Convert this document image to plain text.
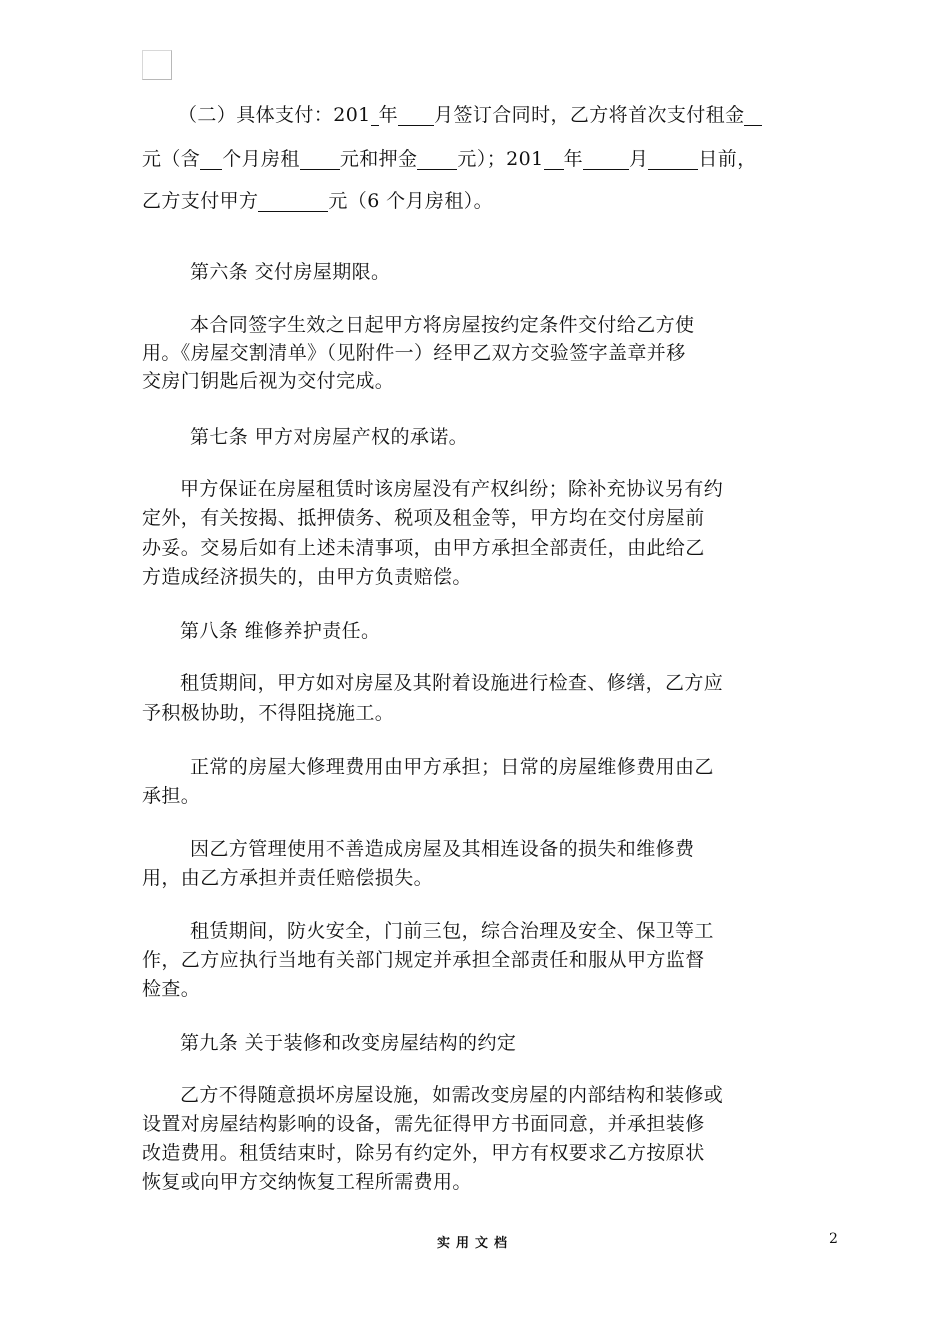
（二）具体支付：201 年 月签订合同时，乙方将首次支付租金
元（含 个月房租 元和押金 元）；201 年 月	日前，
乙方支付甲方	元（6 个月房租）。
第六条 交付房屋期限。
本合同签字生效之日起甲方将房屋按约定条件交付给乙方使
用。《房屋交割清单》（见附件一）经甲乙双方交验签字盖章并移
交房门钥匙后视为交付完成。
第七条 甲方对房屋产权的承诺。
甲方保证在房屋租赁时该房屋没有产权纠纷；除补充协议另有约
定外，有关按揭、抵押债务、税项及租金等，甲方均在交付房屋前
办妥。交易后如有上述未清事项，由甲方承担全部责任，由此给乙
方造成经济损失的，由甲方负责赔偿。
第八条 维修养护责任。
租赁期间，甲方如对房屋及其附着设施进行检查、修缮，乙方应
予积极协助，不得阻挠施工。
正常的房屋大修理费用由甲方承担；日常的房屋维修费用由乙
承担。
因乙方管理使用不善造成房屋及其相连设备的损失和维修费
用，由乙方承担并责任赔偿损失。
租赁期间，防火安全，门前三包，综合治理及安全、保卫等工
作，乙方应执行当地有关部门规定并承担全部责任和服从甲方监督
检查。
第九条 关于装修和改变房屋结构的约定
乙方不得随意损坏房屋设施，如需改变房屋的内部结构和装修或
设置对房屋结构影响的设备，需先征得甲方书面同意，并承担装修
改造费用。租赁结束时，除另有约定外，甲方有权要求乙方按原状
恢复或向甲方交纳恢复工程所需费用。
实用文档	2
